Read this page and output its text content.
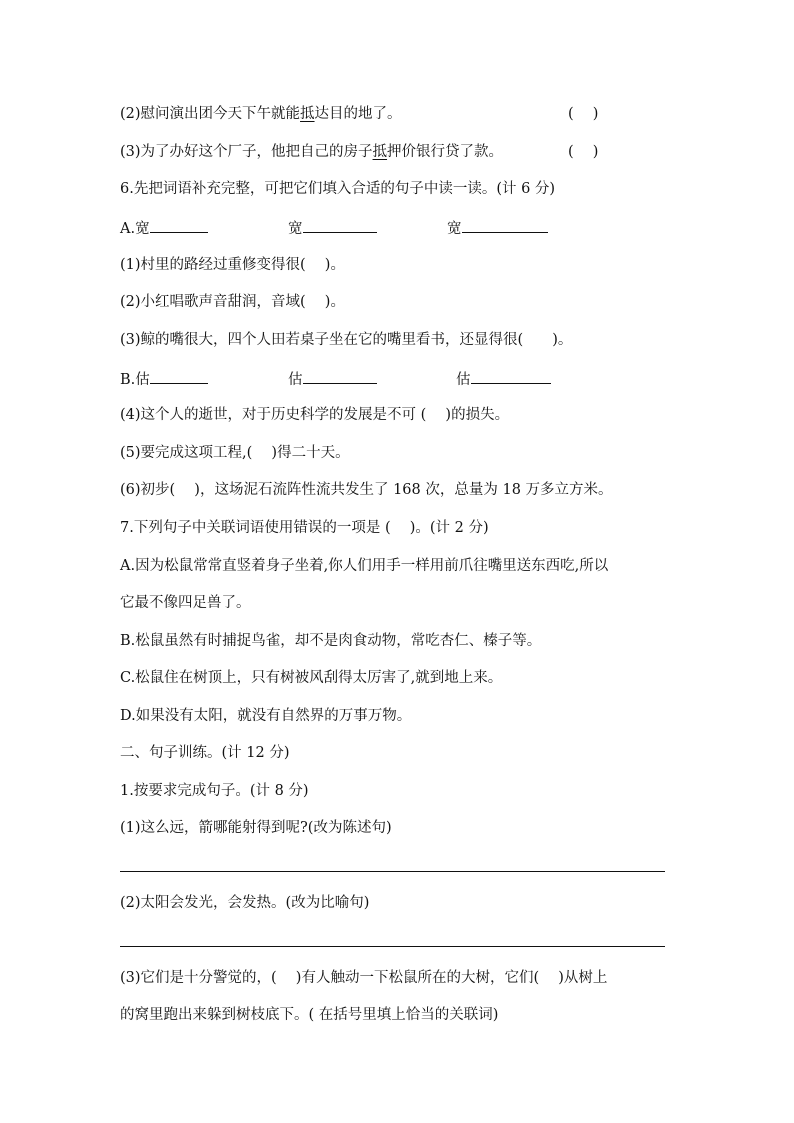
(2)慰问演出团今天下午就能抵达目的地了。	(　 )
(3)为了办好这个厂子，他把自己的房子抵押价银行贷了款。	(　 )
6.先把词语补充完整，可把它们填入合适的句子中读一读。(计 6 分)
A.宽	宽	宽
(1)村里的路经过重修变得很(　 )。
(2)小红唱歌声音甜润，音域(　 )。
(3)鲸的嘴很大，四个人田若桌子坐在它的嘴里看书，还显得很(　　)。
B.估	估	估
(4)这个人的逝世，对于历史科学的发展是不可 (　 )的损失。
(5)要完成这项工程,(　 )得二十天。
(6)初步(　 )，这场泥石流阵性流共发生了 168 次，总量为 18 万多立方米。
7.下列句子中关联词语使用错误的一项是 (　 )。(计 2 分)
A.因为松鼠常常直竖着身子坐着,你人们用手一样用前爪往嘴里送东西吃,所以
它最不像四足兽了。
B.松鼠虽然有时捕捉鸟雀，却不是肉食动物，常吃杏仁、榛子等。
C.松鼠住在树顶上，只有树被风刮得太厉害了,就到地上来。
D.如果没有太阳，就没有自然界的万事万物。
二、句子训练。(计 12 分)
1.按要求完成句子。(计 8 分)
(1)这么远，箭哪能射得到呢?(改为陈述句)
(2)太阳会发光，会发热。(改为比喻句)
(3)它们是十分警觉的，(　 )有人触动一下松鼠所在的大树，它们(　 )从树上
的窝里跑出来躲到树枝底下。( 在括号里填上恰当的关联词)
